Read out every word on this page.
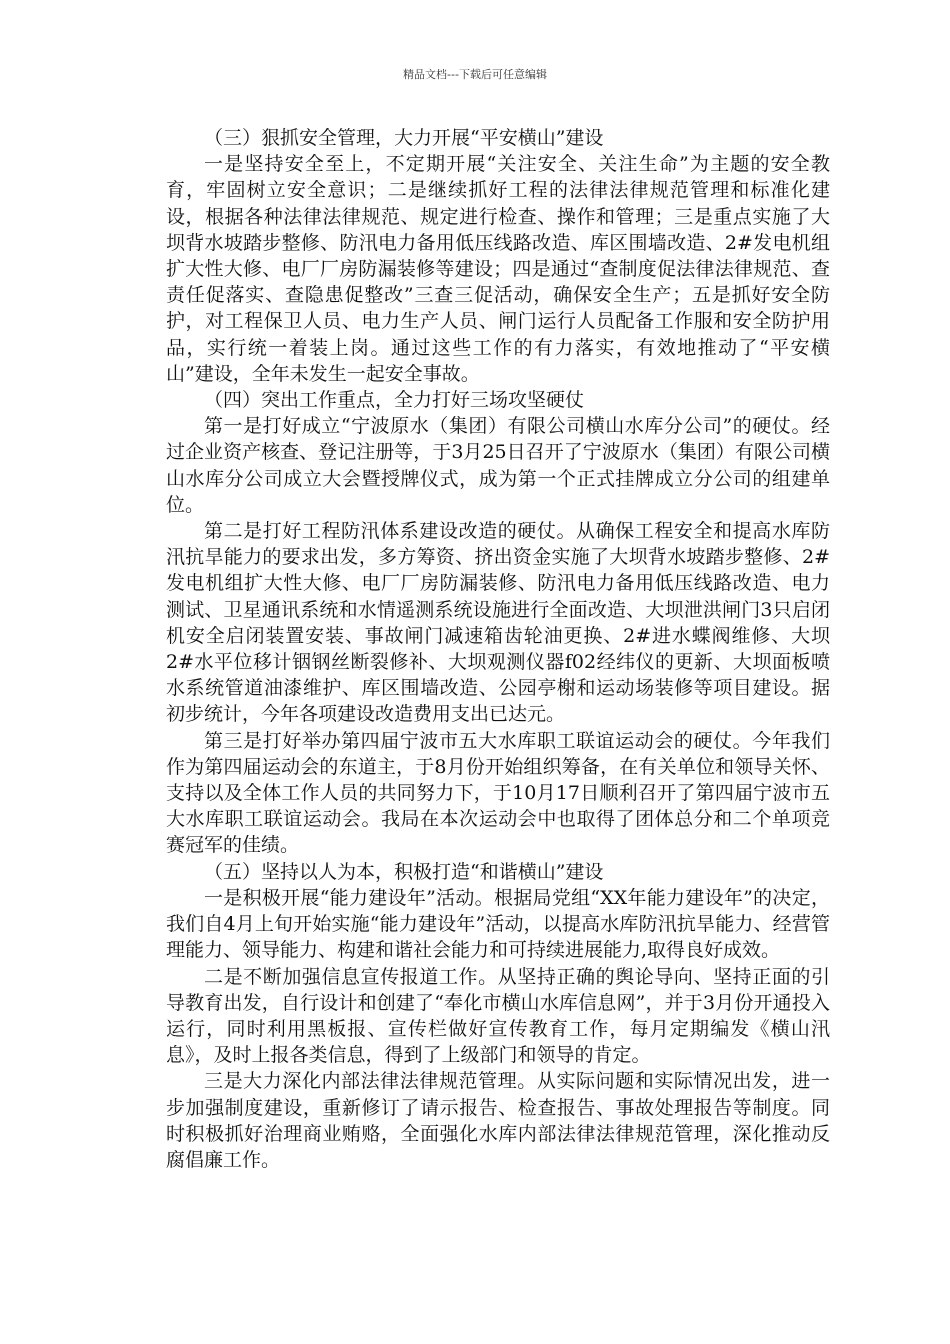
精品文档---下载后可任意编辑

（三）狠抓安全管理，大力开展“平安横山”建设

一是坚持安全至上，不定期开展“关注安全、关注生命”为主题的安全教育，牢固树立安全意识；二是继续抓好工程的法律法律规范管理和标准化建设，根据各种法律法律规范、规定进行检查、操作和管理；三是重点实施了大坝背水坡踏步整修、防汛电力备用低压线路改造、库区围墙改造、2#发电机组扩大性大修、电厂厂房防漏装修等建设；四是通过“查制度促法律法律规范、查责任促落实、查隐患促整改”三查三促活动，确保安全生产；五是抓好安全防护，对工程保卫人员、电力生产人员、闸门运行人员配备工作服和安全防护用品，实行统一着装上岗。通过这些工作的有力落实，有效地推动了“平安横山”建设，全年未发生一起安全事故。

（四）突出工作重点，全力打好三场攻坚硬仗

第一是打好成立“宁波原水（集团）有限公司横山水库分公司”的硬仗。经过企业资产核查、登记注册等，于3月25日召开了宁波原水（集团）有限公司横山水库分公司成立大会暨授牌仪式，成为第一个正式挂牌成立分公司的组建单位。

第二是打好工程防汛体系建设改造的硬仗。从确保工程安全和提高水库防汛抗旱能力的要求出发，多方筹资、挤出资金实施了大坝背水坡踏步整修、2#发电机组扩大性大修、电厂厂房防漏装修、防汛电力备用低压线路改造、电力测试、卫星通讯系统和水情遥测系统设施进行全面改造、大坝泄洪闸门3只启闭机安全启闭装置安装、事故闸门减速箱齿轮油更换、2#进水蝶阀维修、大坝2#水平位移计铟钢丝断裂修补、大坝观测仪器f02经纬仪的更新、大坝面板喷水系统管道油漆维护、库区围墙改造、公园亭榭和运动场装修等项目建设。据初步统计，今年各项建设改造费用支出已达元。

第三是打好举办第四届宁波市五大水库职工联谊运动会的硬仗。今年我们作为第四届运动会的东道主，于8月份开始组织筹备，在有关单位和领导关怀、支持以及全体工作人员的共同努力下，于10月17日顺利召开了第四届宁波市五大水库职工联谊运动会。我局在本次运动会中也取得了团体总分和二个单项竞赛冠军的佳绩。

（五）坚持以人为本，积极打造“和谐横山”建设

一是积极开展“能力建设年”活动。根据局党组“XX年能力建设年”的决定，我们自4月上旬开始实施“能力建设年”活动，以提高水库防汛抗旱能力、经营管理能力、领导能力、构建和谐社会能力和可持续进展能力,取得良好成效。

二是不断加强信息宣传报道工作。从坚持正确的舆论导向、坚持正面的引导教育出发，自行设计和创建了“奉化市横山水库信息网”，并于3月份开通投入运行，同时利用黑板报、宣传栏做好宣传教育工作，每月定期编发《横山汛息》，及时上报各类信息，得到了上级部门和领导的肯定。

三是大力深化内部法律法律规范管理。从实际问题和实际情况出发，进一步加强制度建设，重新修订了请示报告、检查报告、事故处理报告等制度。同时积极抓好治理商业贿赂，全面强化水库内部法律法律规范管理，深化推动反腐倡廉工作。
